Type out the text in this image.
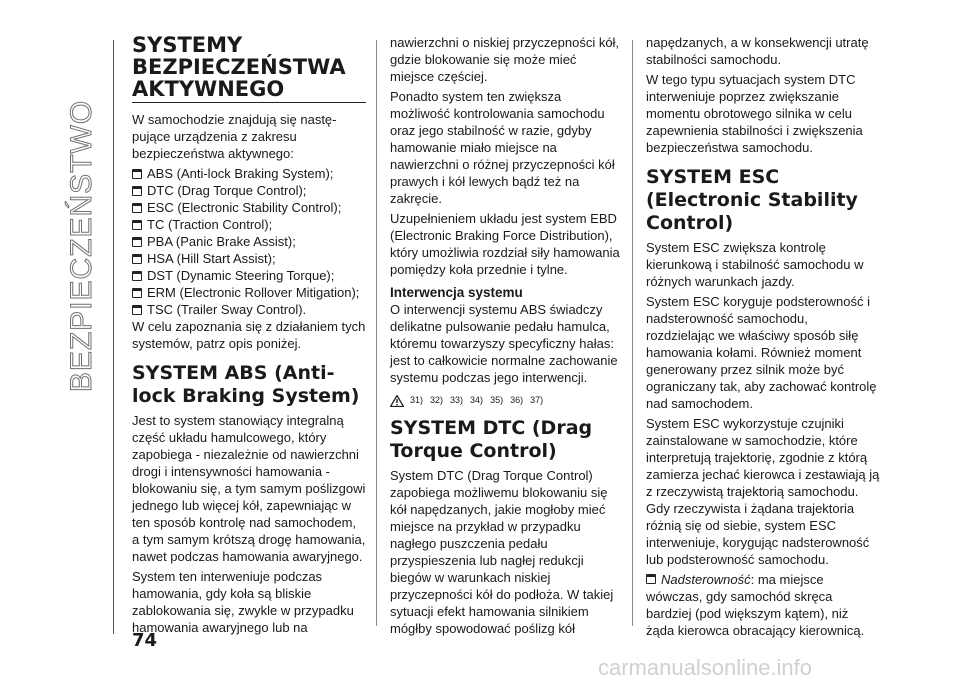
BEZPIECZEŃSTWO
SYSTEMY BEZPIECZEŃSTWA AKTYWNEGO

W samochodzie znajdują się następujące urządzenia z zakresu bezpieczeństwa aktywnego:

ABS (Anti-lock Braking System);
DTC (Drag Torque Control);
ESC (Electronic Stability Control);
TC (Traction Control);
PBA (Panic Brake Assist);
HSA (Hill Start Assist);
DST (Dynamic Steering Torque);
ERM (Electronic Rollover Mitigation);
TSC (Trailer Sway Control).

W celu zapoznania się z działaniem tych systemów, patrz opis poniżej.

SYSTEM ABS (Anti-lock Braking System)

Jest to system stanowiący integralną część układu hamulcowego, który zapobiega - niezależnie od nawierzchni drogi i intensywności hamowania - blokowaniu się, a tym samym poślizgowi jednego lub więcej kół, zapewniając w ten sposób kontrolę nad samochodem, a tym samym krótszą drogę hamowania, nawet podczas hamowania awaryjnego.

System ten interweniuje podczas hamowania, gdy koła są bliskie zablokowania się, zwykle w przypadku hamowania awaryjnego lub na

nawierzchni o niskiej przyczepności kół, gdzie blokowanie się może mieć miejsce częściej.

Ponadto system ten zwiększa możliwość kontrolowania samochodu oraz jego stabilność w razie, gdyby hamowanie miało miejsce na nawierzchni o różnej przyczepności kół prawych i kół lewych bądź też na zakręcie.

Uzupełnieniem układu jest system EBD (Electronic Braking Force Distribution), który umożliwia rozdział siły hamowania pomiędzy koła przednie i tylne.

Interwencja systemu

O interwencji systemu ABS świadczy delikatne pulsowanie pedału hamulca, któremu towarzyszy specyficzny hałas: jest to całkowicie normalne zachowanie systemu podczas jego interwencji.

31) 32) 33) 34) 35) 36) 37)
SYSTEM DTC (Drag Torque Control)

System DTC (Drag Torque Control) zapobiega możliwemu blokowaniu się kół napędzanych, jakie mogłoby mieć miejsce na przykład w przypadku nagłego puszczenia pedału przyspieszenia lub nagłej redukcji biegów w warunkach niskiej przyczepności kół do podłoża. W takiej sytuacji efekt hamowania silnikiem mógłby spowodować poślizg kół

napędzanych, a w konsekwencji utratę stabilności samochodu.

W tego typu sytuacjach system DTC interweniuje poprzez zwiększanie momentu obrotowego silnika w celu zapewnienia stabilności i zwiększenia bezpieczeństwa samochodu.

SYSTEM ESC (Electronic Stability Control)

System ESC zwiększa kontrolę kierunkową i stabilność samochodu w różnych warunkach jazdy.

System ESC koryguje podsterowność i nadsterowność samochodu, rozdzielając we właściwy sposób siłę hamowania kołami. Również moment generowany przez silnik może być ograniczany tak, aby zachować kontrolę nad samochodem.

System ESC wykorzystuje czujniki zainstalowane w samochodzie, które interpretują trajektorię, zgodnie z którą zamierza jechać kierowca i zestawiają ją z rzeczywistą trajektorią samochodu. Gdy rzeczywista i żądana trajektoria różnią się od siebie, system ESC interweniuje, korygując nadsterowność lub podsterowność samochodu.

Nadsterowność: ma miejsce wówczas, gdy samochód skręca bardziej (pod większym kątem), niż żąda kierowca obracający kierownicą.

74
carmanualsonline.info
